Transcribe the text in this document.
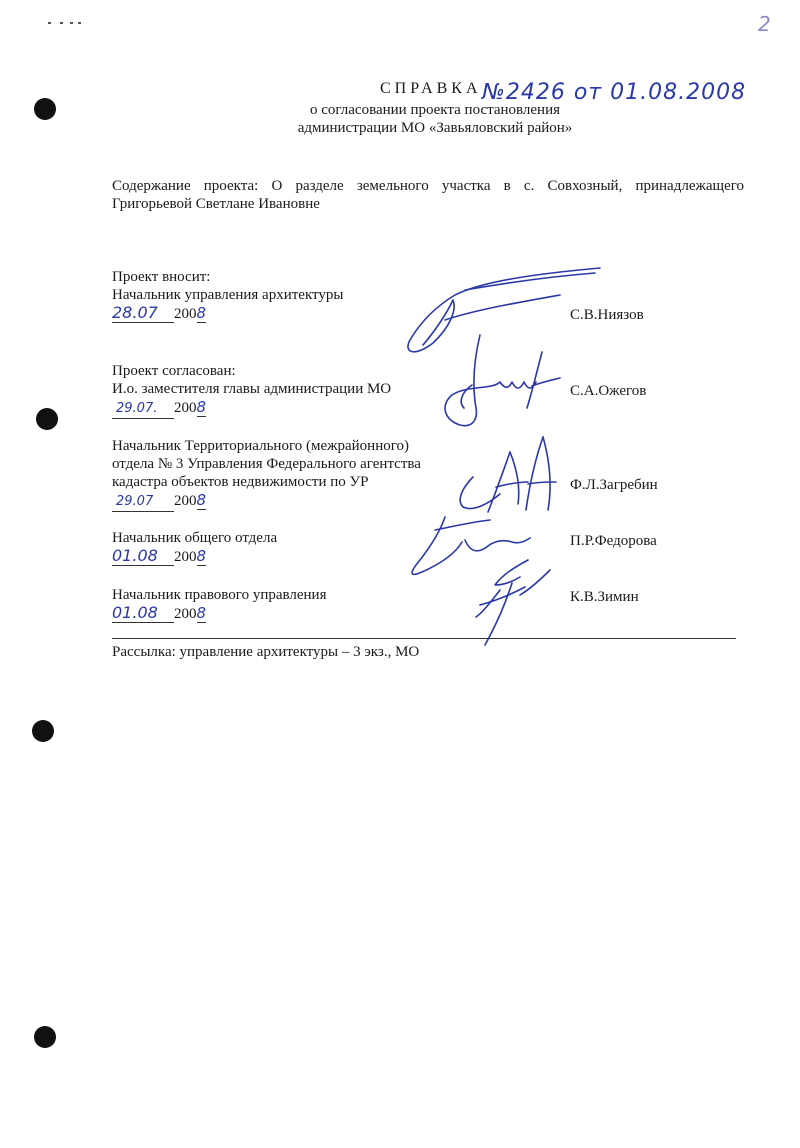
2
СПРАВКА №2426 от 01.08.2008
о согласовании проекта постановления
администрации МО «Завьяловский район»
Содержание проекта: О разделе земельного участка в с. Совхозный, принадлежащего
Григорьевой Светлане Ивановне
Проект вносит:
Начальник управления архитектуры
28.07 2008	С.В.Ниязов
Проект согласован:
И.о. заместителя главы администрации МО
29.07. 2008
С.А.Ожегов
Начальник Территориального (межрайонного)
отдела № 3 Управления Федерального агентства
кадастра объектов недвижимости по УР
29.07 2008
Ф.Л.Загребин
Начальник общего отдела
01.08 2008
П.Р.Федорова
Начальник правового управления
01.08 2008
К.В.Зимин
Рассылка: управление архитектуры – 3 экз., МО
